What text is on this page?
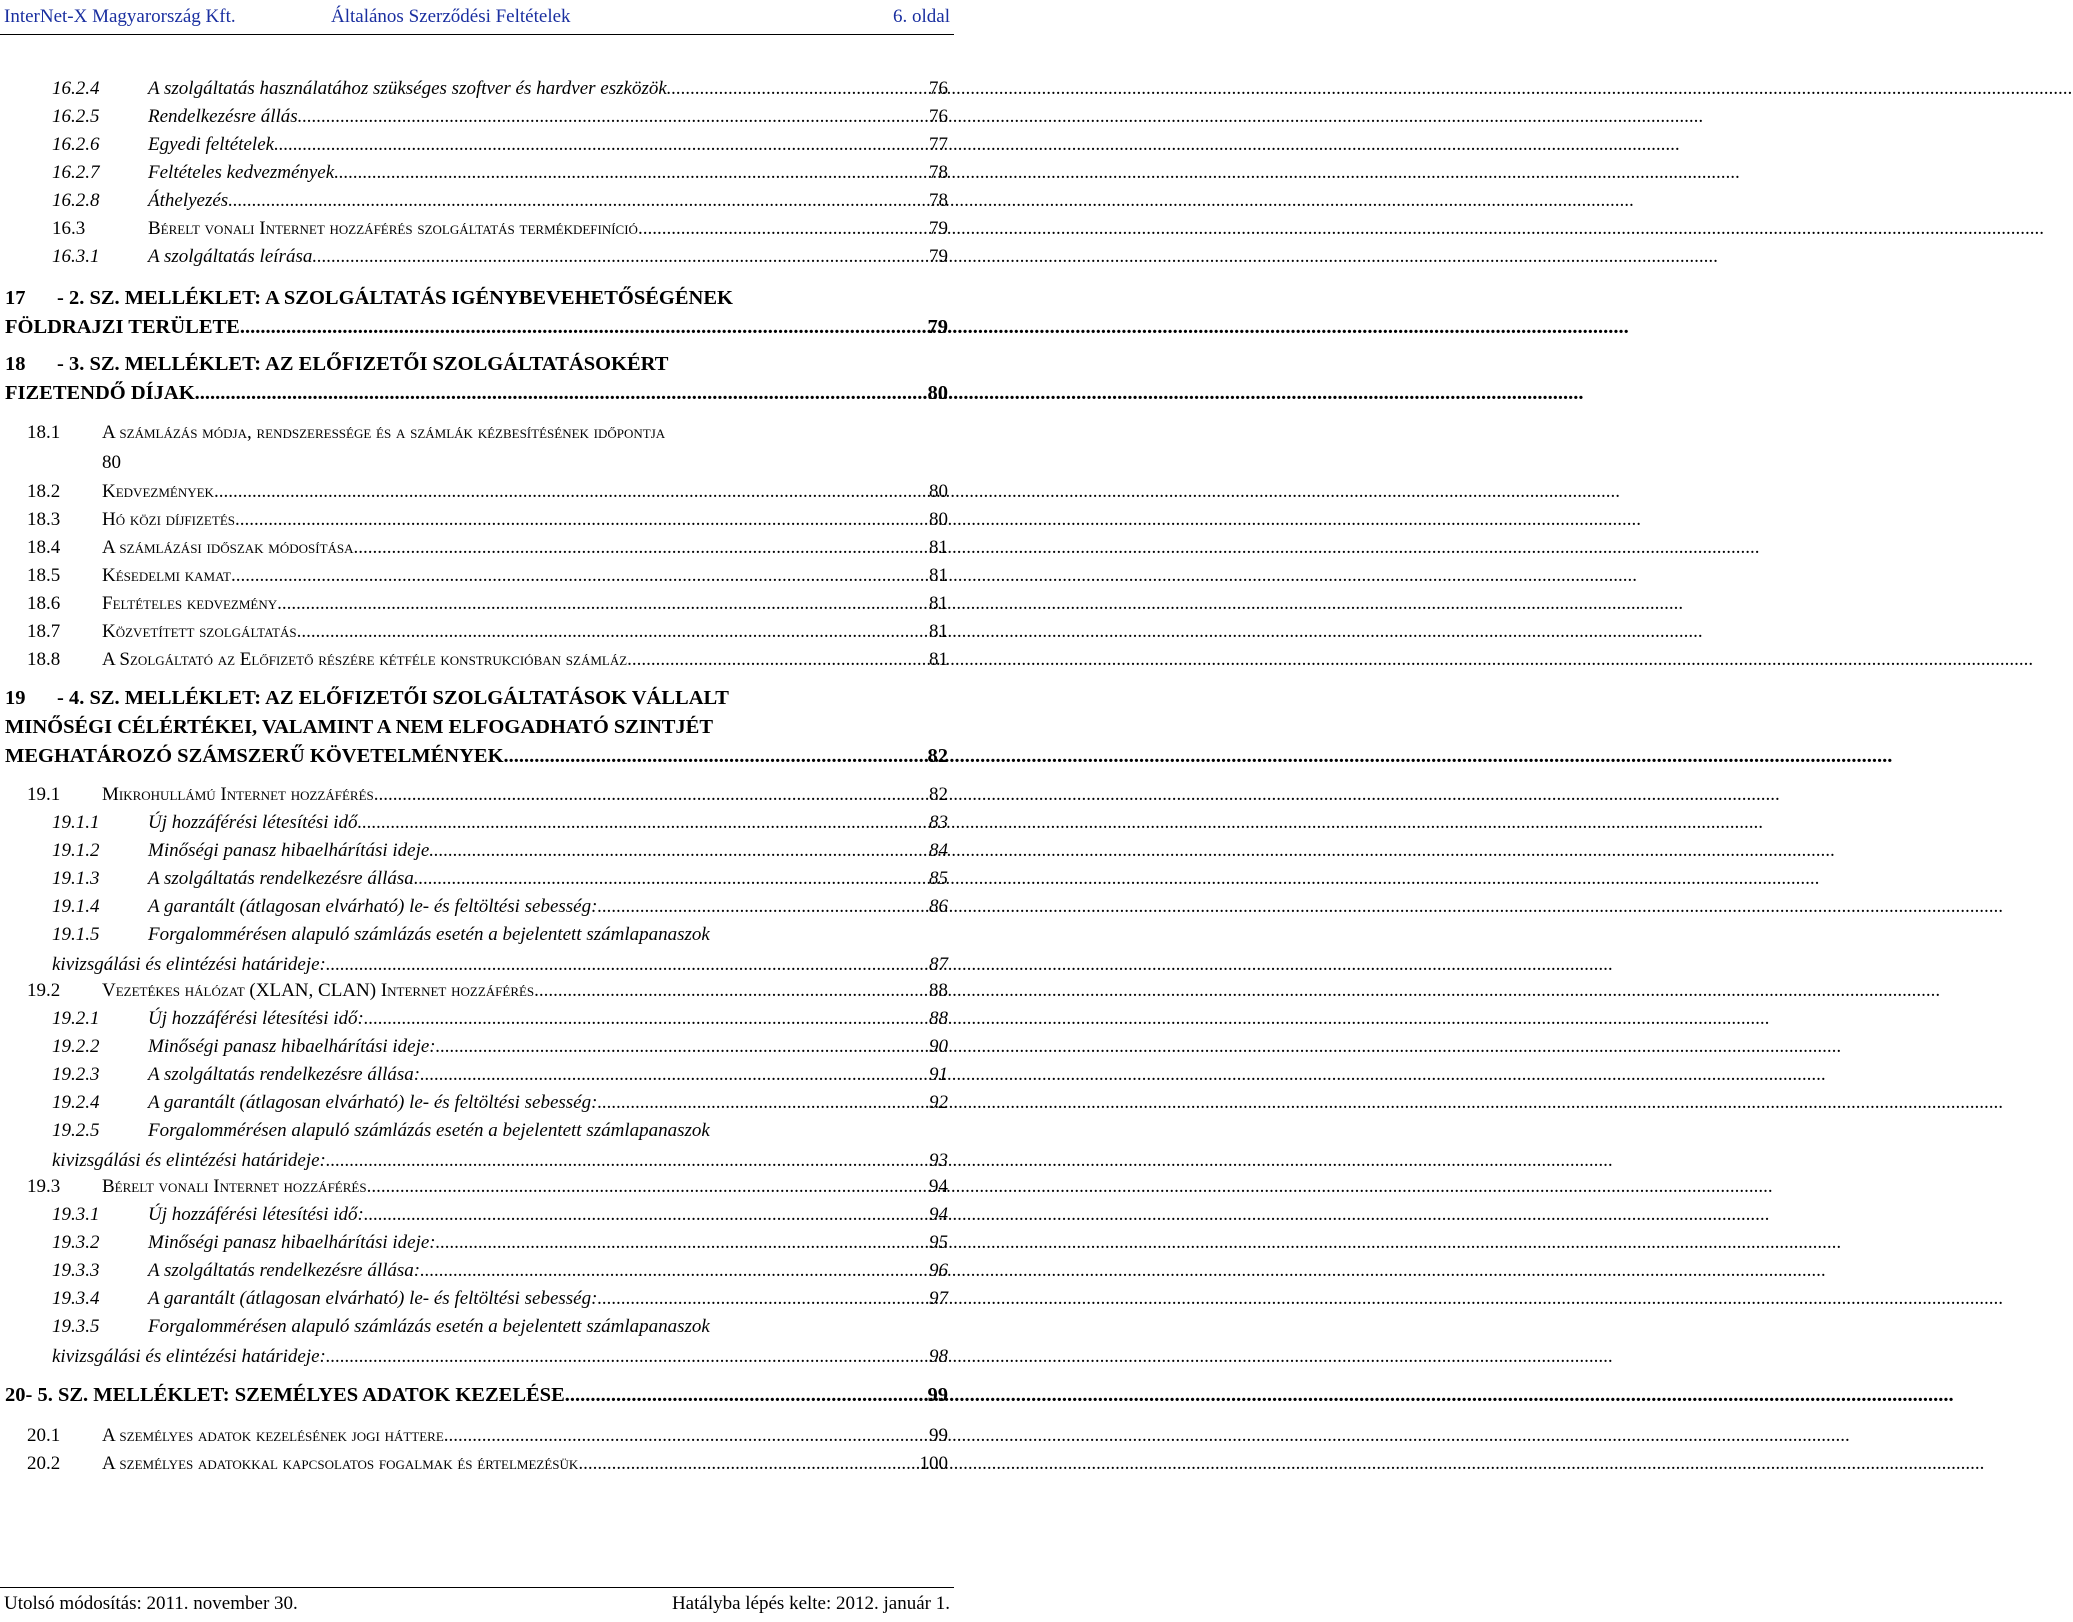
InterNet-X Magyarország Kft.	Általános Szerződési Feltételek	6. oldal
16.2.4	A szolgáltatás használatához szükséges szoftver és hardver eszközök .....	76
16.2.5	Rendelkezésre állás .....	76
16.2.6	Egyedi feltételek .....	77
16.2.7	Feltételes kedvezmények .....	78
16.2.8	Áthelyezés .....	78
16.3	Bérelt vonali Internet hozzáférés szolgáltatás termékdefiníció .....	79
16.3.1	A szolgáltatás leírása .....	79
17 - 2. SZ. MELLÉKLET: A SZOLGÁLTATÁS IGÉNYBEVEHETŐSÉGÉNEK
FÖLDRAJZI TERÜLETE .....	79
18 - 3. SZ. MELLÉKLET: AZ ELŐFIZETŐI SZOLGÁLTATÁSOKÉRT
FIZETENDŐ DÍJAK .....	80
18.1 A számlázás módja, rendszeressége és a számlák kézbesítésének időpontja
80
18.2 Kedvezmények .....	80
18.3 Hó közi díjfizetés .....	80
18.4 A számlázási időszak módosítása .....	81
18.5 Késedelmi kamat .....	81
18.6 Feltételes kedvezmény .....	81
18.7 Közvetített szolgáltatás .....	81
18.8 A Szolgáltató az Előfizető részére kétféle konstrukcióban számláz .....	81
19 - 4. SZ. MELLÉKLET: AZ ELŐFIZETŐI SZOLGÁLTATÁSOK VÁLLALT
MINŐSÉGI CÉLÉRTÉKEI, VALAMINT A NEM ELFOGADHATÓ SZINTJÉT
MEGHATÁROZÓ SZÁMSZERŰ KÖVETELMÉNYEK .....	82
19.1 Mikrohullámú Internet hozzáférés .....	82
19.1.1	Új hozzáférési létesítési idő .....	83
19.1.2	Minőségi panasz hibaelhárítási ideje .....	84
19.1.3	A szolgáltatás rendelkezésre állása .....	85
19.1.4	A garantált (átlagosan elvárható) le- és feltöltési sebesség: .....	86
19.1.5	Forgalommérésen alapuló számlázás esetén a bejelentett számlapanaszok
kivizsgálási és elintézési határideje: .....	87
19.2 Vezetékes hálózat (XLAN, CLAN) Internet hozzáférés .....	88
19.2.1	Új hozzáférési létesítési idő: .....	88
19.2.2	Minőségi panasz hibaelhárítási ideje: .....	90
19.2.3	A szolgáltatás rendelkezésre állása: .....	91
19.2.4	A garantált (átlagosan elvárható) le- és feltöltési sebesség: .....	92
19.2.5	Forgalommérésen alapuló számlázás esetén a bejelentett számlapanaszok
kivizsgálási és elintézési határideje: .....	93
19.3 Bérelt vonali Internet hozzáférés .....	94
19.3.1	Új hozzáférési létesítési idő: .....	94
19.3.2	Minőségi panasz hibaelhárítási ideje: .....	95
19.3.3	A szolgáltatás rendelkezésre állása: .....	96
19.3.4	A garantált (átlagosan elvárható) le- és feltöltési sebesség: .....	97
19.3.5	Forgalommérésen alapuló számlázás esetén a bejelentett számlapanaszok
kivizsgálási és elintézési határideje: .....	98
20 - 5. SZ. MELLÉKLET: SZEMÉLYES ADATOK KEZELÉSE .....	99
20.1 A személyes adatok kezelésének jogi háttere .....	99
20.2 A személyes adatokkal kapcsolatos fogalmak és értelmezésük .....	100
Utolsó módosítás: 2011. november 30.	Hatályba lépés kelte: 2012. január 1.
